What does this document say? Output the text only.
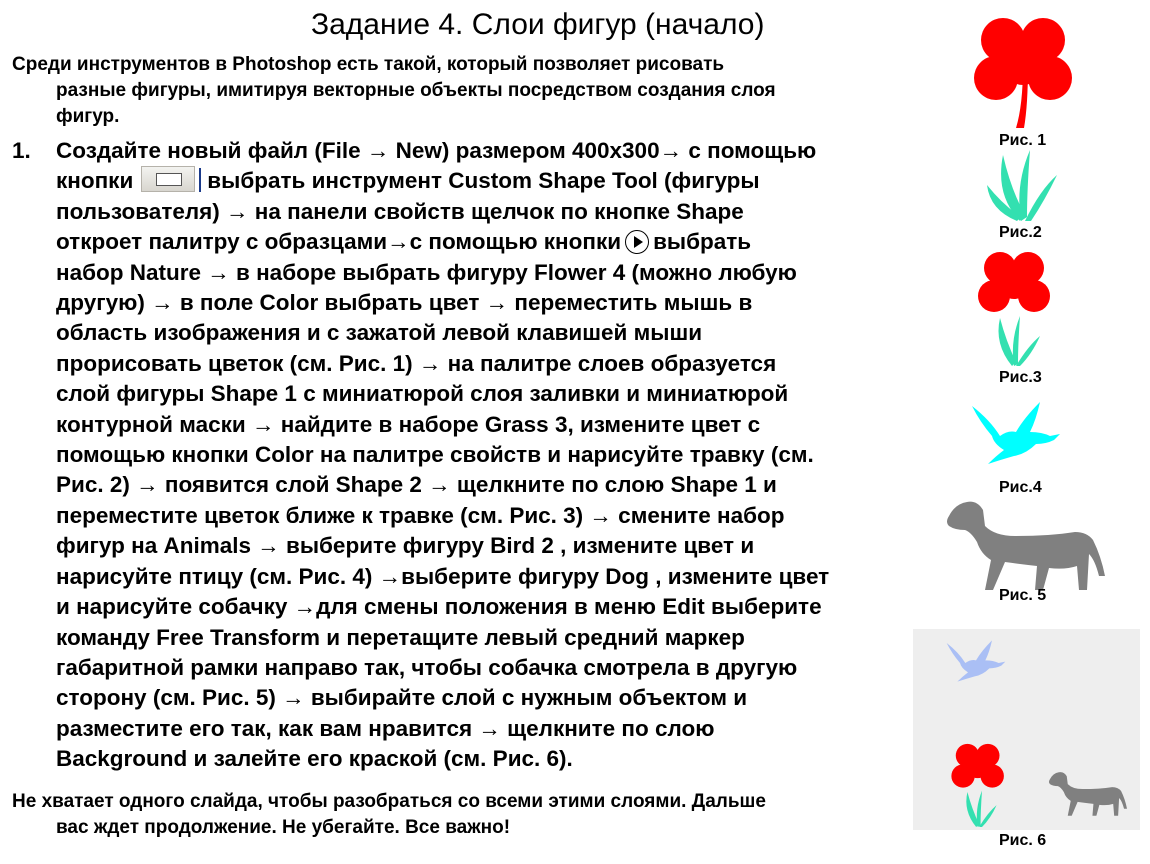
Задание 4. Слои фигур (начало)
Среди инструментов в Photoshop есть такой, который позволяет рисовать
разные фигуры, имитируя векторные объекты посредством создания слоя
фигур.
1.	Создайте новый файл (File → New) размером 400х300→ с помощью
кнопки	выбрать инструмент Custom Shape Tool (фигуры
пользователя) → на панели свойств щелчок по кнопке Shape
откроет палитру с образцами→с помощью кнопки выбрать
набор Nature → в наборе выбрать фигуру Flower 4 (можно любую
другую) → в поле Color выбрать цвет → переместить мышь в
область изображения и с зажатой левой клавишей мыши
прорисовать цветок (см. Рис. 1) → на палитре слоев образуется
слой фигуры Shape 1 с миниатюрой слоя заливки и миниатюрой
контурной маски → найдите в наборе Grass 3, измените цвет с
помощью кнопки Color на палитре свойств и нарисуйте травку (см.
Рис. 2) → появится слой Shape 2 → щелкните по слою Shape 1 и
переместите цветок ближе к травке (см. Рис. 3) → смените набор
фигур на Animals → выберите фигуру Bird 2 , измените цвет и
нарисуйте птицу (см. Рис. 4) →выберите фигуру Dog , измените цвет
и нарисуйте собачку →для смены положения в меню Edit выберите
команду Free Transform и перетащите левый средний маркер
габаритной рамки направо так, чтобы собачка смотрела в другую
сторону (см. Рис. 5) → выбирайте слой с нужным объектом и
разместите его так, как вам нравится → щелкните по слою
Background и залейте его краской (см. Рис. 6).
Не хватает одного слайда, чтобы разобраться со всеми этими слоями. Дальше
вас ждет продолжение. Не убегайте. Все важно!
Рис. 1
Рис.2
Рис.3
Рис.4
Рис. 5
Рис. 6
